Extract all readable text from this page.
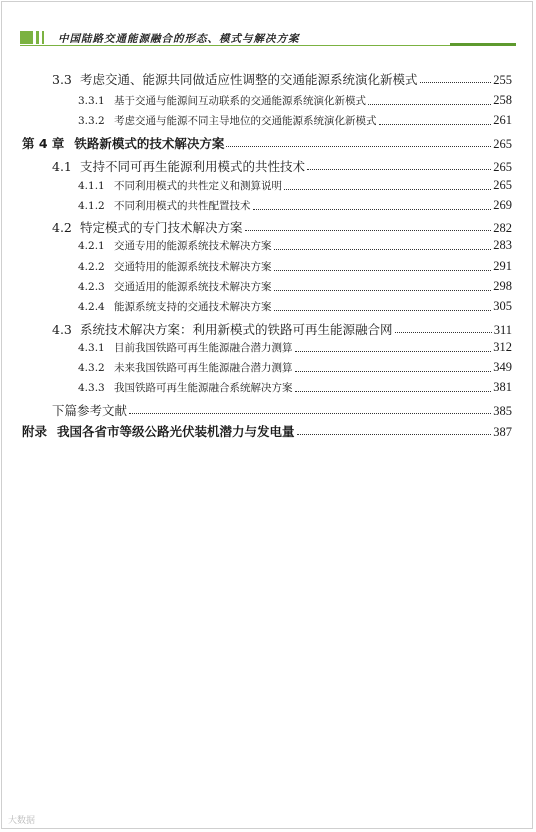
中国陆路交通能源融合的形态、模式与解决方案
3.3 考虑交通、能源共同做适应性调整的交通能源系统演化新模式	255
3.3.1 基于交通与能源间互动联系的交通能源系统演化新模式	258
3.3.2 考虑交通与能源不同主导地位的交通能源系统演化新模式	261
第 4 章 铁路新模式的技术解决方案	265
4.1 支持不同可再生能源利用模式的共性技术	265
4.1.1 不同利用模式的共性定义和测算说明	265
4.1.2 不同利用模式的共性配置技术	269
4.2 特定模式的专门技术解决方案	282
4.2.1 交通专用的能源系统技术解决方案	283
4.2.2 交通特用的能源系统技术解决方案	291
4.2.3 交通适用的能源系统技术解决方案	298
4.2.4 能源系统支持的交通技术解决方案	305
4.3 系统技术解决方案：利用新模式的铁路可再生能源融合网	311
4.3.1 目前我国铁路可再生能源融合潜力测算	312
4.3.2 未来我国铁路可再生能源融合潜力测算	349
4.3.3 我国铁路可再生能源融合系统解决方案	381
下篇参考文献	385
附录 我国各省市等级公路光伏装机潜力与发电量	387
大数据
